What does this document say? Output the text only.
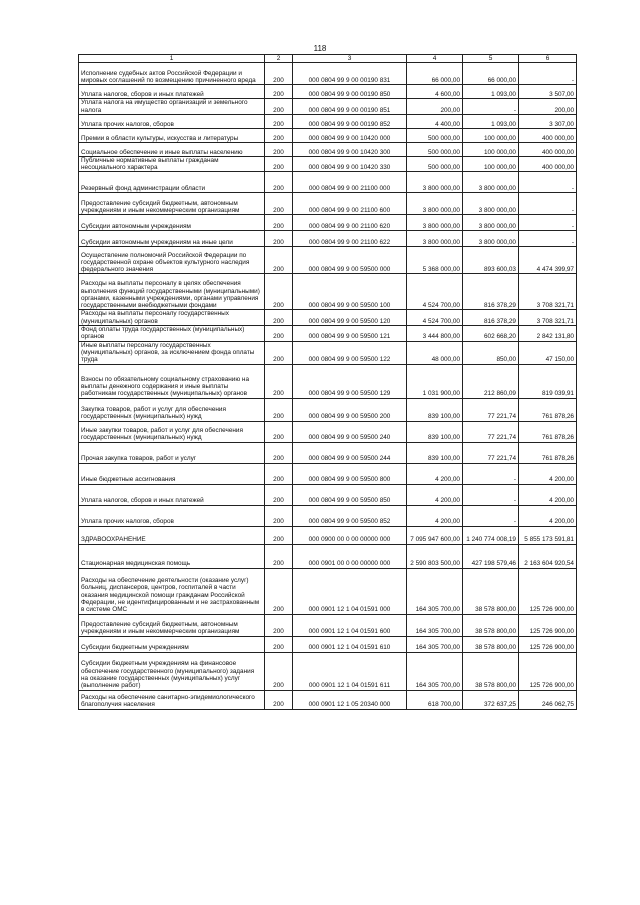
118
1	2	3	4	5	6
Исполнение судебных актов Российской Федерации и мировых соглашений по возмещению причиненного вреда	200	000 0804 99 9 00 00190 831	66 000,00	66 000,00	-
Уплата налогов, сборов и иных платежей	200	000 0804 99 9 00 00190 850	4 600,00	1 093,00	3 507,00
Уплата налога на имущество организаций и земельного налога	200	000 0804 99 9 00 00190 851	200,00	-	200,00
Уплата прочих налогов, сборов	200	000 0804 99 9 00 00190 852	4 400,00	1 093,00	3 307,00
Премии в области культуры, искусства и литературы	200	000 0804 99 9 00 10420 000	500 000,00	100 000,00	400 000,00
Социальное обеспечение и иные выплаты населению	200	000 0804 99 9 00 10420 300	500 000,00	100 000,00	400 000,00
Публичные нормативные выплаты гражданам несоциального характера	200	000 0804 99 9 00 10420 330	500 000,00	100 000,00	400 000,00
Резервный фонд администрации области	200	000 0804 99 9 00 21100 000	3 800 000,00	3 800 000,00	-
Предоставление субсидий бюджетным, автономным учреждениям и иным некоммерческим организациям	200	000 0804 99 9 00 21100 600	3 800 000,00	3 800 000,00	-
Субсидии автономным учреждениям	200	000 0804 99 9 00 21100 620	3 800 000,00	3 800 000,00	-
Субсидии автономным учреждениям на иные цели	200	000 0804 99 9 00 21100 622	3 800 000,00	3 800 000,00	-
Осуществление полномочий Российской Федерации по государственной охране объектов культурного наследия федерального значения	200	000 0804 99 9 00 59500 000	5 368 000,00	893 600,03	4 474 399,97
Расходы на выплаты персоналу в целях обеспечения выполнения функций государственными (муниципальными) органами, казенными учреждениями, органами управления государственными внебюджетными фондами	200	000 0804 99 9 00 59500 100	4 524 700,00	816 378,29	3 708 321,71
Расходы на выплаты персоналу государственных (муниципальных) органов	200	000 0804 99 9 00 59500 120	4 524 700,00	816 378,29	3 708 321,71
Фонд оплаты труда государственных (муниципальных) органов	200	000 0804 99 9 00 59500 121	3 444 800,00	602 668,20	2 842 131,80
Иные выплаты персоналу государственных (муниципальных) органов, за исключением фонда оплаты труда	200	000 0804 99 9 00 59500 122	48 000,00	850,00	47 150,00
Взносы по обязательному социальному страхованию на выплаты денежного содержания и иные выплаты работникам государственных (муниципальных) органов	200	000 0804 99 9 00 59500 129	1 031 900,00	212 860,09	819 039,91
Закупка товаров, работ и услуг для обеспечения государственных (муниципальных) нужд	200	000 0804 99 9 00 59500 200	839 100,00	77 221,74	761 878,26
Иные закупки товаров, работ и услуг для обеспечения государственных (муниципальных) нужд	200	000 0804 99 9 00 59500 240	839 100,00	77 221,74	761 878,26
Прочая закупка товаров, работ и услуг	200	000 0804 99 9 00 59500 244	839 100,00	77 221,74	761 878,26
Иные бюджетные ассигнования	200	000 0804 99 9 00 59500 800	4 200,00	-	4 200,00
Уплата налогов, сборов и иных платежей	200	000 0804 99 9 00 59500 850	4 200,00	-	4 200,00
Уплата прочих налогов, сборов	200	000 0804 99 9 00 59500 852	4 200,00	-	4 200,00
ЗДРАВООХРАНЕНИЕ	200	000 0900 00 0 00 00000 000	7 095 947 600,00	1 240 774 008,19	5 855 173 591,81
Стационарная медицинская помощь	200	000 0901 00 0 00 00000 000	2 590 803 500,00	427 198 579,46	2 163 604 920,54
Расходы на обеспечение деятельности (оказание услуг) больниц, диспансеров, центров, госпиталей в части оказания медицинской помощи гражданам Российской Федерации, не идентифицированным и не застрахованным в системе ОМС	200	000 0901 12 1 04 01591 000	164 305 700,00	38 578 800,00	125 726 900,00
Предоставление субсидий бюджетным, автономным учреждениям и иным некоммерческим организациям	200	000 0901 12 1 04 01591 600	164 305 700,00	38 578 800,00	125 726 900,00
Субсидии бюджетным учреждениям	200	000 0901 12 1 04 01591 610	164 305 700,00	38 578 800,00	125 726 900,00
Субсидии бюджетным учреждениям на финансовое обеспечение государственного (муниципального) задания на оказание государственных (муниципальных) услуг (выполнение работ)	200	000 0901 12 1 04 01591 611	164 305 700,00	38 578 800,00	125 726 900,00
Расходы на обеспечение санитарно-эпидемиологического благополучия населения	200	000 0901 12 1 05 20340 000	618 700,00	372 637,25	246 062,75
